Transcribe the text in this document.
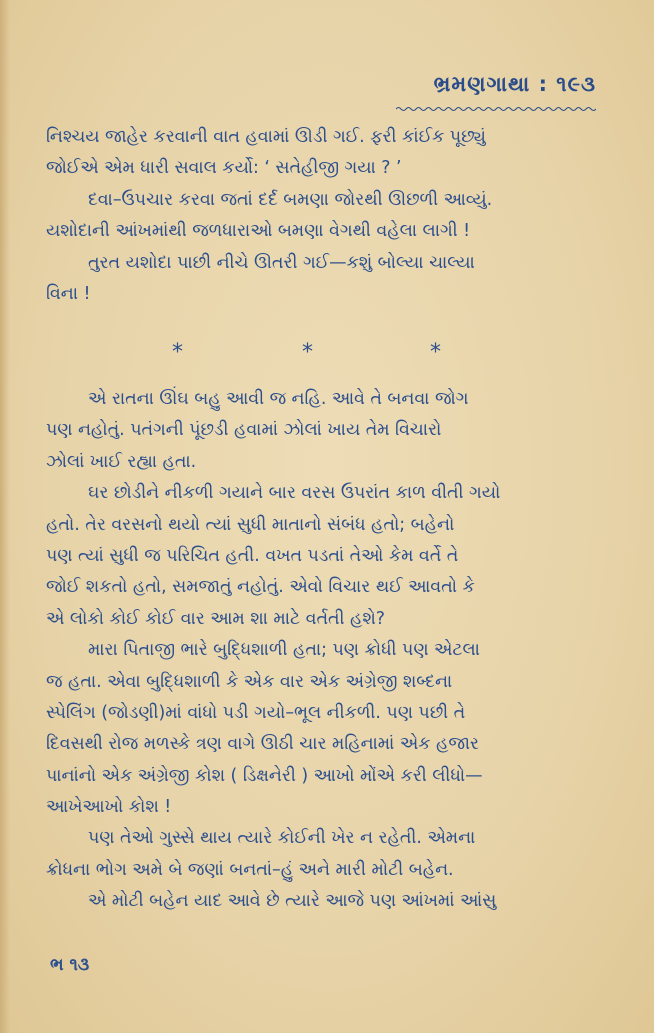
ભ્રમણગાથા : ૧૯૩
નિશ્ચય જાહેર કરવાની વાત હવામાં ઊડી ગઈ. ફરી કાંઈક પૂછ્યું
જોઈએ એમ ધારી સવાલ કર્યો: ‘ સતેહીજી ગયા ? ’
દવા–ઉપચાર કરવા જતાં દર્દ બમણા જોરથી ઊછળી આવ્યું.
યશોદાની આંખમાંથી જળધારાઓ બમણા વેગથી વહેલા લાગી !
તુરત યશોદા પાછી નીચે ઊતરી ગઈ—કશું બોલ્યા ચાલ્યા
વિના !
*	*	*
એ રાતના ઊંઘ બહુ આવી જ નહિ. આવે તે બનવા જોગ
પણ નહોતું. પતંગની પૂંછડી હવામાં ઝોલાં ખાય તેમ વિચારો
ઝોલાં ખાઈ રહ્યા હતા.
ઘર છોડીને નીકળી ગયાને બાર વરસ ઉપરાંત કાળ વીતી ગયો
હતો. તેર વરસનો થયો ત્યાં સુધી માતાનો સંબંધ હતો; બહેનો
પણ ત્યાં સુધી જ પરિચિત હતી. વખત પડતાં તેઓ કેમ વર્તે તે
જોઈ શકતો હતો, સમજાતું નહોતું. એવો વિચાર થઈ આવતો કે
એ લોકો કોઈ કોઈ વાર આમ શા માટે વર્તતી હશે?
મારા પિતાજી ભારે બુદ્ધિશાળી હતા; પણ ક્રોધી પણ એટલા
જ હતા. એવા બુદ્ધિશાળી કે એક વાર એક અંગ્રેજી શબ્દના
સ્પેલિંગ (જોડણી)માં વાંધો પડી ગયો–ભૂલ નીકળી. પણ પછી તે
દિવસથી રોજ મળસ્કે ત્રણ વાગે ઊઠી ચાર મહિનામાં એક હજાર
પાનાંનો એક અંગ્રેજી કોશ ( ડિક્ષનેરી ) આખો મોંએ કરી લીધો—
આખેઆખો કોશ !
પણ તેઓ ગુસ્સે થાય ત્યારે કોઈની ખેર ન રહેતી. એમના
ક્રોધના ભોગ અમે બે જણાં બનતાં–હું અને મારી મોટી બહેન.
એ મોટી બહેન યાદ આવે છે ત્યારે આજે પણ આંખમાં આંસુ
ભ ૧૩
